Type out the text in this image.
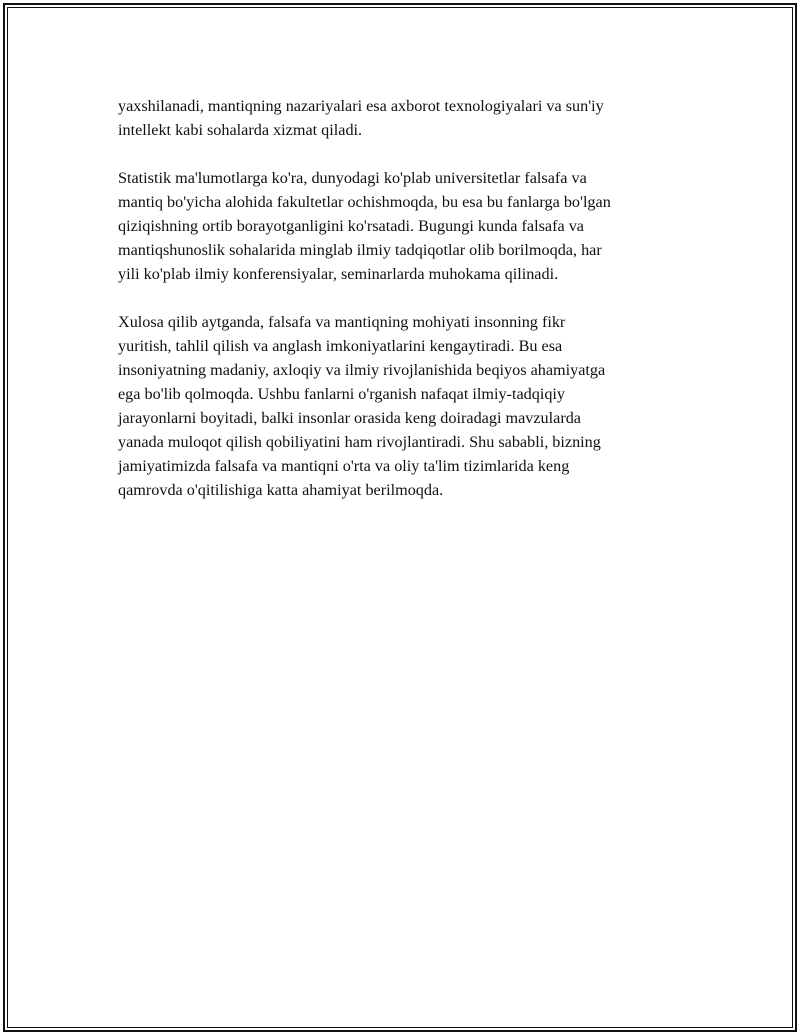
yaxshilanadi, mantiqning nazariyalari esa axborot texnologiyalari va sun'iy
intellekt kabi sohalarda xizmat qiladi.

Statistik ma'lumotlarga ko'ra, dunyodagi ko'plab universitetlar falsafa va
mantiq bo'yicha alohida fakultetlar ochishmoqda, bu esa bu fanlarga bo'lgan
qiziqishning ortib borayotganligini ko'rsatadi. Bugungi kunda falsafa va
mantiqshunoslik sohalarida minglab ilmiy tadqiqotlar olib borilmoqda, har
yili ko'plab ilmiy konferensiyalar, seminarlarda muhokama qilinadi.

Xulosa qilib aytganda, falsafa va mantiqning mohiyati insonning fikr
yuritish, tahlil qilish va anglash imkoniyatlarini kengaytiradi. Bu esa
insoniyatning madaniy, axloqiy va ilmiy rivojlanishida beqiyos ahamiyatga
ega bo'lib qolmoqda. Ushbu fanlarni o'rganish nafaqat ilmiy-tadqiqiy
jarayonlarni boyitadi, balki insonlar orasida keng doiradagi mavzularda
yanada muloqot qilish qobiliyatini ham rivojlantiradi. Shu sababli, bizning
jamiyatimizda falsafa va mantiqni o'rta va oliy ta'lim tizimlarida keng
qamrovda o'qitilishiga katta ahamiyat berilmoqda.
